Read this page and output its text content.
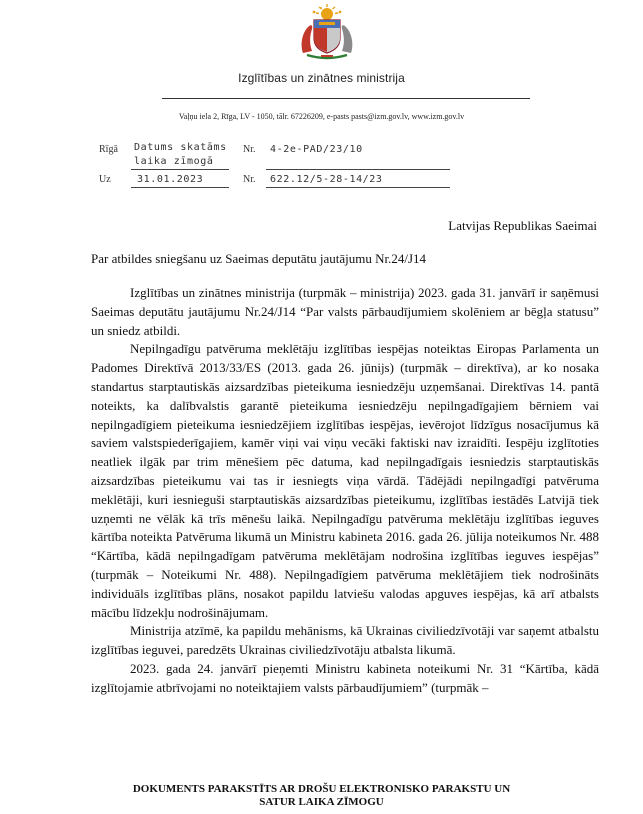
Izglītības un zinātnes ministrija
Vaļņu iela 2, Rīga, LV - 1050, tālr. 67226209, e-pasts pasts@izm.gov.lv, www.izm.gov.lv
Rīgā Datums skatāms
laika zīmogā
Nr. 4-2e-PAD/23/10
Uz	31.01.2023	Nr. 622.12/5-28-14/23
Latvijas Republikas Saeimai
Par atbildes sniegšanu uz Saeimas deputātu jautājumu Nr.24/J14

Izglītības un zinātnes ministrija (turpmāk – ministrija) 2023. gada 31. janvārī ir saņēmusi Saeimas deputātu jautājumu Nr.24/J14 “Par valsts pārbaudījumiem skolēniem ar bēgļa statusu” un sniedz atbildi.

Nepilngadīgu patvēruma meklētāju izglītības iespējas noteiktas Eiropas Parlamenta un Padomes Direktīvā 2013/33/ES (2013. gada 26. jūnijs) (turpmāk – direktīva), ar ko nosaka standartus starptautiskās aizsardzības pieteikuma iesniedzēju uzņemšanai. Direktīvas 14. pantā noteikts, ka dalībvalstis garantē pieteikuma iesniedzēju nepilngadīgajiem bērniem vai nepilngadīgiem pieteikuma iesniedzējiem izglītības iespējas, ievērojot līdzīgus nosacījumus kā saviem valstspiederīgajiem, kamēr viņi vai viņu vecāki faktiski nav izraidīti. Iespēju izglītoties neatliek ilgāk par trim mēnešiem pēc datuma, kad nepilngadīgais iesniedzis starptautiskās aizsardzības pieteikumu vai tas ir iesniegts viņa vārdā. Tādējādi nepilngadīgi patvēruma meklētāji, kuri iesnieguši starptautiskās aizsardzības pieteikumu, izglītības iestādēs Latvijā tiek uzņemti ne vēlāk kā trīs mēnešu laikā. Nepilngadīgu patvēruma meklētāju izglītības ieguves kārtība noteikta Patvēruma likumā un Ministru kabineta 2016. gada 26. jūlija noteikumos Nr. 488 “Kārtība, kādā nepilngadīgam patvēruma meklētājam nodrošina izglītības ieguves iespējas” (turpmāk – Noteikumi Nr. 488). Nepilngadīgiem patvēruma meklētājiem tiek nodrošināts individuāls izglītības plāns, nosakot papildu latviešu valodas apguves iespējas, kā arī atbalsts mācību līdzekļu nodrošinājumam.

Ministrija atzīmē, ka papildu mehānisms, kā Ukrainas civiliedzīvotāji var saņemt atbalstu izglītības ieguvei, paredzēts Ukrainas civiliedzīvotāju atbalsta likumā.

2023. gada 24. janvārī pieņemti Ministru kabineta noteikumi Nr. 31 “Kārtība, kādā izglītojamie atbrīvojami no noteiktajiem valsts pārbaudījumiem” (turpmāk –

DOKUMENTS PARAKSTĪTS AR DROŠU ELEKTRONISKO PARAKSTU UN
SATUR LAIKA ZĪMOGU
